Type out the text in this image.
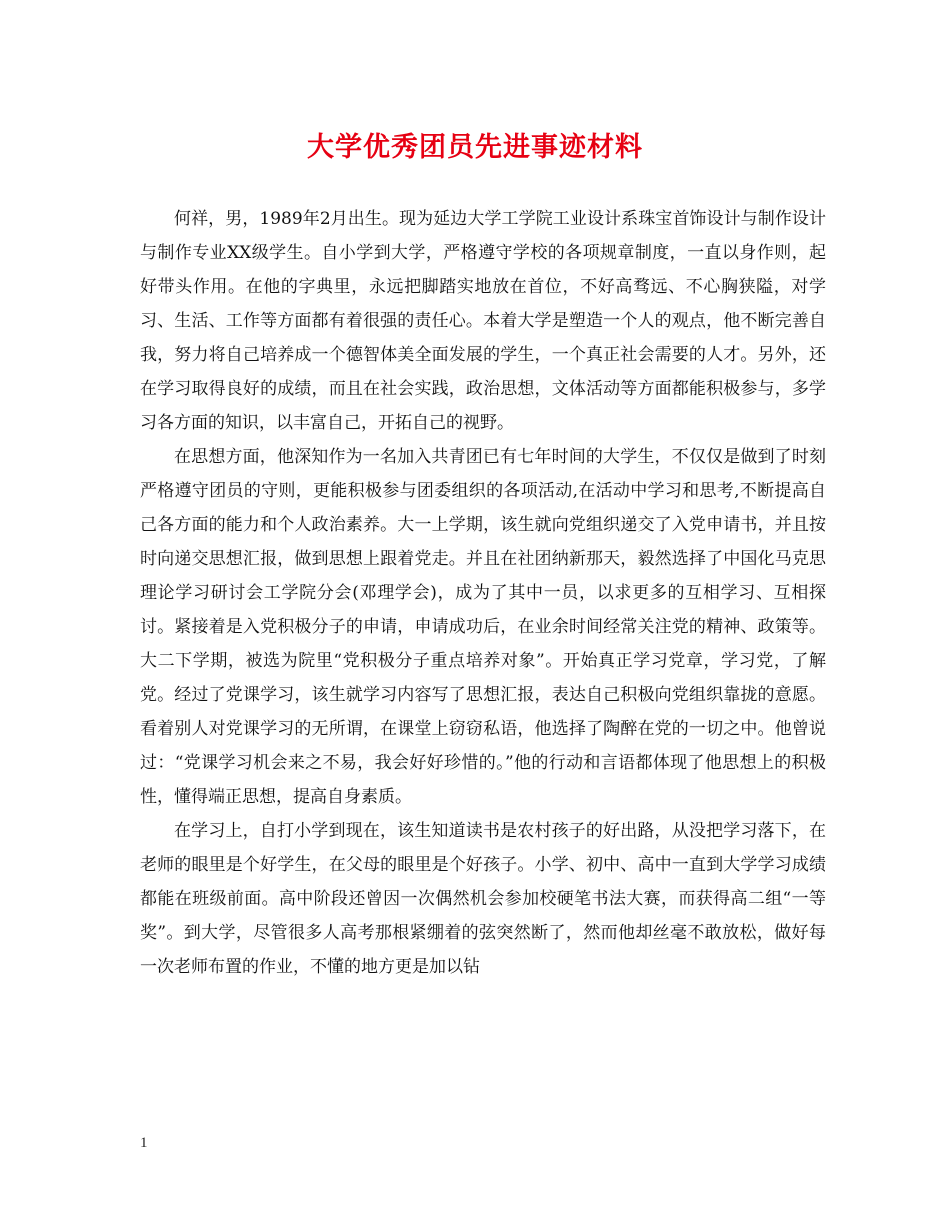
大学优秀团员先进事迹材料

何祥，男，1989年2月出生。现为延边大学工学院工业设计系珠宝首饰设计与制作设计与制作专业XX级学生。自小学到大学，严格遵守学校的各项规章制度，一直以身作则，起好带头作用。在他的字典里，永远把脚踏实地放在首位，不好高骛远、不心胸狭隘，对学习、生活、工作等方面都有着很强的责任心。本着大学是塑造一个人的观点，他不断完善自我，努力将自己培养成一个德智体美全面发展的学生，一个真正社会需要的人才。另外，还在学习取得良好的成绩，而且在社会实践，政治思想，文体活动等方面都能积极参与，多学习各方面的知识，以丰富自己，开拓自己的视野。

在思想方面，他深知作为一名加入共青团已有七年时间的大学生，不仅仅是做到了时刻严格遵守团员的守则，更能积极参与团委组织的各项活动,在活动中学习和思考,不断提高自己各方面的能力和个人政治素养。大一上学期，该生就向党组织递交了入党申请书，并且按时向递交思想汇报，做到思想上跟着党走。并且在社团纳新那天，毅然选择了中国化马克思理论学习研讨会工学院分会(邓理学会)，成为了其中一员，以求更多的互相学习、互相探讨。紧接着是入党积极分子的申请，申请成功后，在业余时间经常关注党的精神、政策等。大二下学期，被选为院里“党积极分子重点培养对象”。开始真正学习党章，学习党，了解党。经过了党课学习，该生就学习内容写了思想汇报，表达自己积极向党组织靠拢的意愿。看着别人对党课学习的无所谓，在课堂上窃窃私语，他选择了陶醉在党的一切之中。他曾说过：“党课学习机会来之不易，我会好好珍惜的。”他的行动和言语都体现了他思想上的积极性，懂得端正思想，提高自身素质。

在学习上，自打小学到现在，该生知道读书是农村孩子的好出路，从没把学习落下，在老师的眼里是个好学生，在父母的眼里是个好孩子。小学、初中、高中一直到大学学习成绩都能在班级前面。高中阶段还曾因一次偶然机会参加校硬笔书法大赛，而获得高二组“一等奖”。到大学，尽管很多人高考那根紧绷着的弦突然断了，然而他却丝毫不敢放松，做好每一次老师布置的作业，不懂的地方更是加以钻

1
